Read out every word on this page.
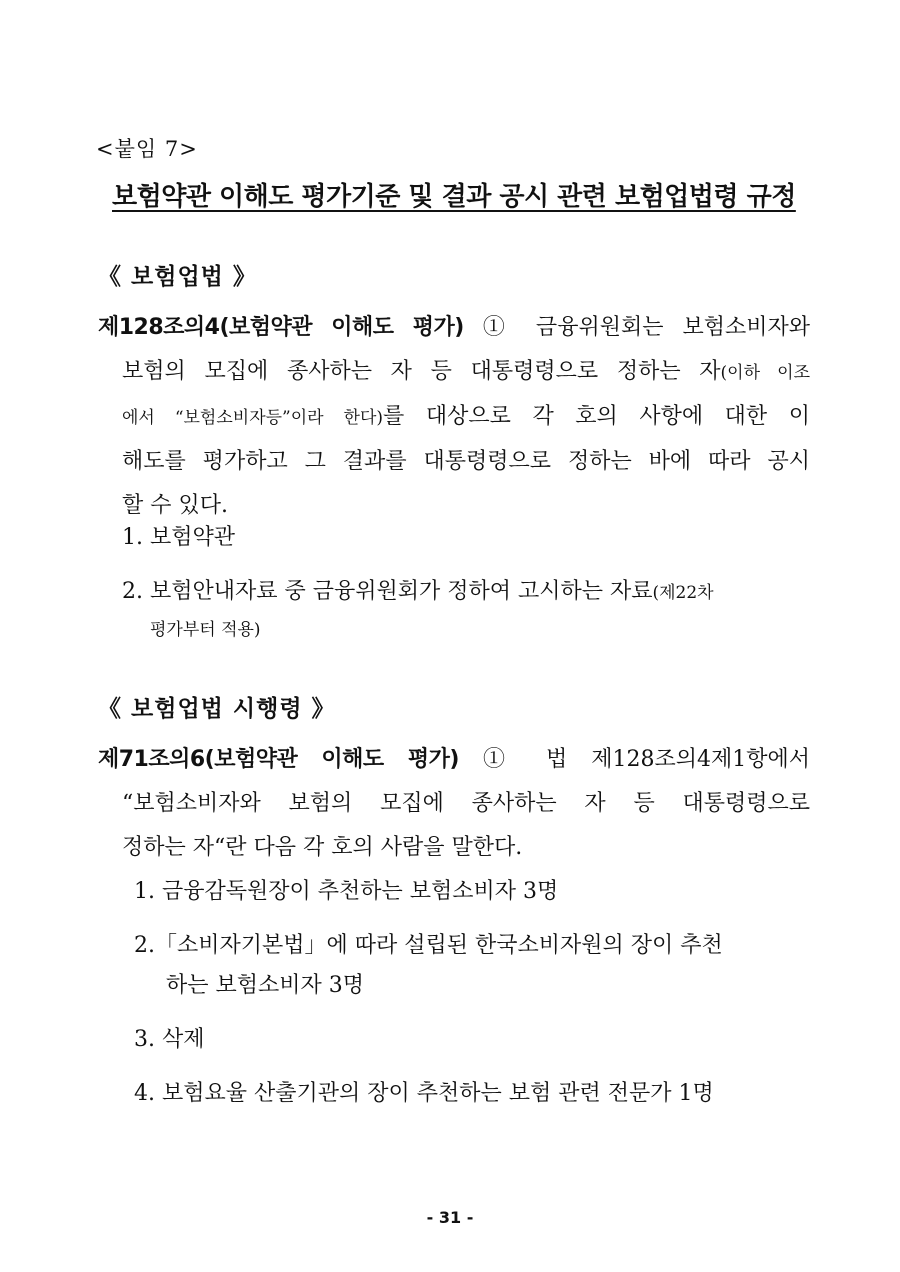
<붙임 7>
보험약관 이해도 평가기준 및 결과 공시 관련 보험업법령 규정
《 보험업법 》
제128조의4(보험약관 이해도 평가) ① 금융위원회는 보험소비자와
보험의 모집에 종사하는 자 등 대통령령으로 정하는 자(이하 이조
에서 “보험소비자등”이라 한다)를 대상으로 각 호의 사항에 대한 이
해도를 평가하고 그 결과를 대통령령으로 정하는 바에 따라 공시
할 수 있다.
1. 보험약관
2. 보험안내자료 중 금융위원회가 정하여 고시하는 자료(제22차
평가부터 적용)
《 보험업법 시행령 》
제71조의6(보험약관 이해도 평가) ① 법 제128조의4제1항에서
“보험소비자와 보험의 모집에 종사하는 자 등 대통령령으로
정하는 자“란 다음 각 호의 사람을 말한다.
1. 금융감독원장이 추천하는 보험소비자 3명
2.「소비자기본법」에 따라 설립된 한국소비자원의 장이 추천
하는 보험소비자 3명
3. 삭제
4. 보험요율 산출기관의 장이 추천하는 보험 관련 전문가 1명
- 31 -
